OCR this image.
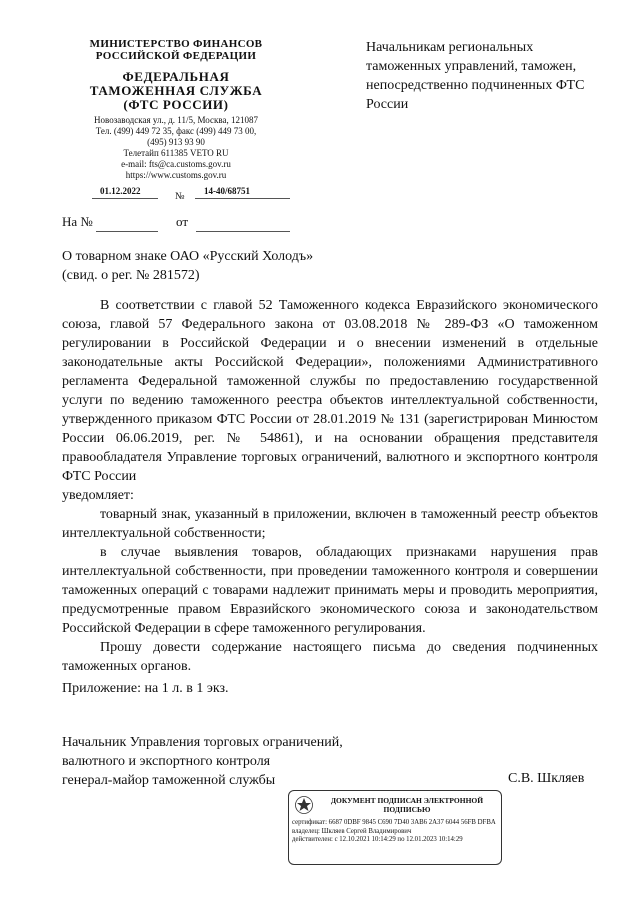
МИНИСТЕРСТВО ФИНАНСОВ
РОССИЙСКОЙ ФЕДЕРАЦИИ
ФЕДЕРАЛЬНАЯ
ТАМОЖЕННАЯ СЛУЖБА
(ФТС РОССИИ)
Новозаводская ул., д. 11/5, Москва, 121087
Тел. (499) 449 72 35, факс (499) 449 73 00,
(495) 913 93 90
Телетайп 611385 VETO RU
e-mail: fts@ca.customs.gov.ru
https://www.customs.gov.ru
01.12.2022	№ 14-40/68751
На №	от
Начальникам региональных таможенных управлений, таможен, непосредственно подчиненных ФТС России
О товарном знаке ОАО «Русский Холодъ»
(свид. о рег. № 281572)

В соответствии с главой 52 Таможенного кодекса Евразийского экономического союза, главой 57 Федерального закона от 03.08.2018 № 289-ФЗ «О таможенном регулировании в Российской Федерации и о внесении изменений в отдельные законодательные акты Российской Федерации», положениями Административного регламента Федеральной таможенной службы по предоставлению государственной услуги по ведению таможенного реестра объектов интеллектуальной собственности, утвержденного приказом ФТС России от 28.01.2019 № 131 (зарегистрирован Минюстом России 06.06.2019, рег. № 54861), и на основании обращения представителя правообладателя Управление торговых ограничений, валютного и экспортного контроля ФТС России

уведомляет:

товарный знак, указанный в приложении, включен в таможенный реестр объектов интеллектуальной собственности;

в случае выявления товаров, обладающих признаками нарушения прав интеллектуальной собственности, при проведении таможенного контроля и совершении таможенных операций с товарами надлежит принимать меры и проводить мероприятия, предусмотренные правом Евразийского экономического союза и законодательством Российской Федерации в сфере таможенного регулирования.

Прошу довести содержание настоящего письма до сведения подчиненных таможенных органов.

Приложение: на 1 л. в 1 экз.
Начальник Управления торговых ограничений,
валютного и экспортного контроля
генерал-майор таможенной службы	С.В. Шкляев
ДОКУМЕНТ ПОДПИСАН ЭЛЕКТРОННОЙ ПОДПИСЬЮ
сертификат: 6687 0DBF 9845 C690 7D40 3AB6 2A37 6044 56FB DFBA
владелец: Шкляев Сергей Владимирович
действителен: с 12.10.2021 10:14:29 по 12.01.2023 10:14:29
